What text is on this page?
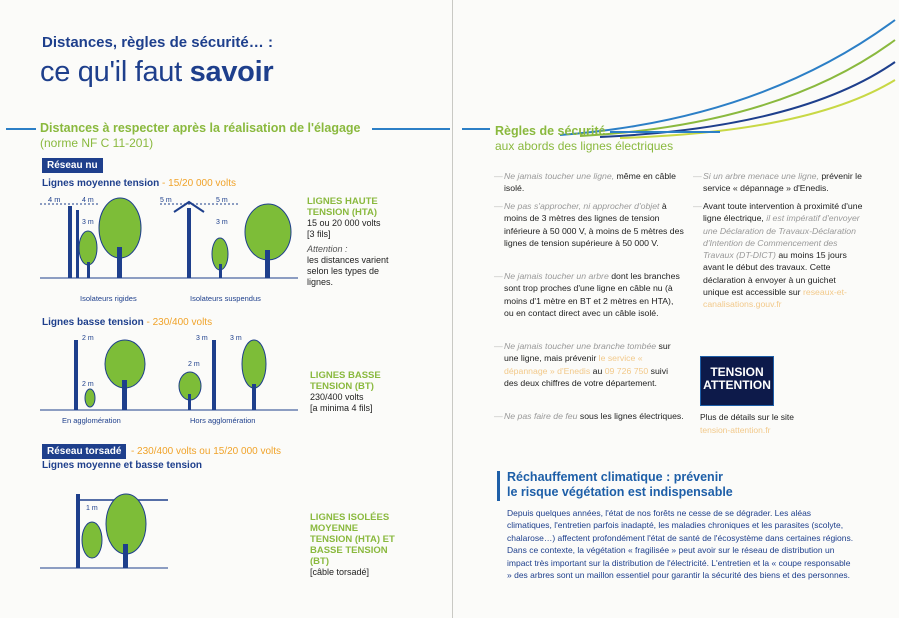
Distances, règles de sécurité… :
ce qu'il faut savoir
Distances à respecter après la réalisation de l'élagage
(norme NF C 11-201)
Réseau nu
Lignes moyenne tension - 15/20 000 volts
4 m	4 m
3 m
5 m	5 m
3 m
Isolateurs rigides	Isolateurs suspendus
LIGNES HAUTE TENSION (HTA)
15 ou 20 000 volts
[3 fils]
Attention :
les distances varient selon les types de lignes.
Lignes basse tension - 230/400 volts
2 m
2 m
3 m	3 m
2 m
En agglomération	Hors agglomération
LIGNES BASSE TENSION (BT)
230/400 volts
[a minima 4 fils]
Réseau torsadé - 230/400 volts ou 15/20 000 volts
Lignes moyenne et basse tension
1 m
LIGNES ISOLÉES MOYENNE TENSION (HTA) ET BASSE TENSION (BT)
[câble torsadé]
Règles de sécurité
aux abords des lignes électriques
— Ne jamais toucher une ligne, même en câble isolé.
— Ne pas s'approcher, ni approcher d'objet à moins de 3 mètres des lignes de tension inférieure à 50 000 V, à moins de 5 mètres des lignes de tension supérieure à 50 000 V.
— Ne jamais toucher un arbre dont les branches sont trop proches d'une ligne en câble nu (à moins d'1 mètre en BT et 2 mètres en HTA), ou en contact direct avec un câble isolé.
— Ne jamais toucher une branche tombée sur une ligne, mais prévenir le service « dépannage » d'Enedis au 09 726 750 suivi des deux chiffres de votre département.
— Ne pas faire de feu sous les lignes électriques.
— Si un arbre menace une ligne, prévenir le service « dépannage » d'Enedis.
— Avant toute intervention à proximité d'une ligne électrique, il est impératif d'envoyer une Déclaration de Travaux-Déclaration d'Intention de Commencement des Travaux (DT-DICT) au moins 15 jours avant le début des travaux. Cette déclaration à envoyer à un guichet unique est accessible sur reseaux-et-canalisations.gouv.fr
TENSION
ATTENTION
Plus de détails sur le site
tension-attention.fr
Réchauffement climatique : prévenir
le risque végétation est indispensable
Depuis quelques années, l'état de nos forêts ne cesse de se dégrader. Les aléas climatiques, l'entretien parfois inadapté, les maladies chroniques et les parasites (scolyte, chalarose…) affectent profondément l'état de santé de l'écosystème dans certaines régions. Dans ce contexte, la végétation « fragilisée » peut avoir sur le réseau de distribution un impact très important sur la distribution de l'électricité. L'entretien et la « coupe responsable » des arbres sont un maillon essentiel pour garantir la sécurité des biens et des personnes.
